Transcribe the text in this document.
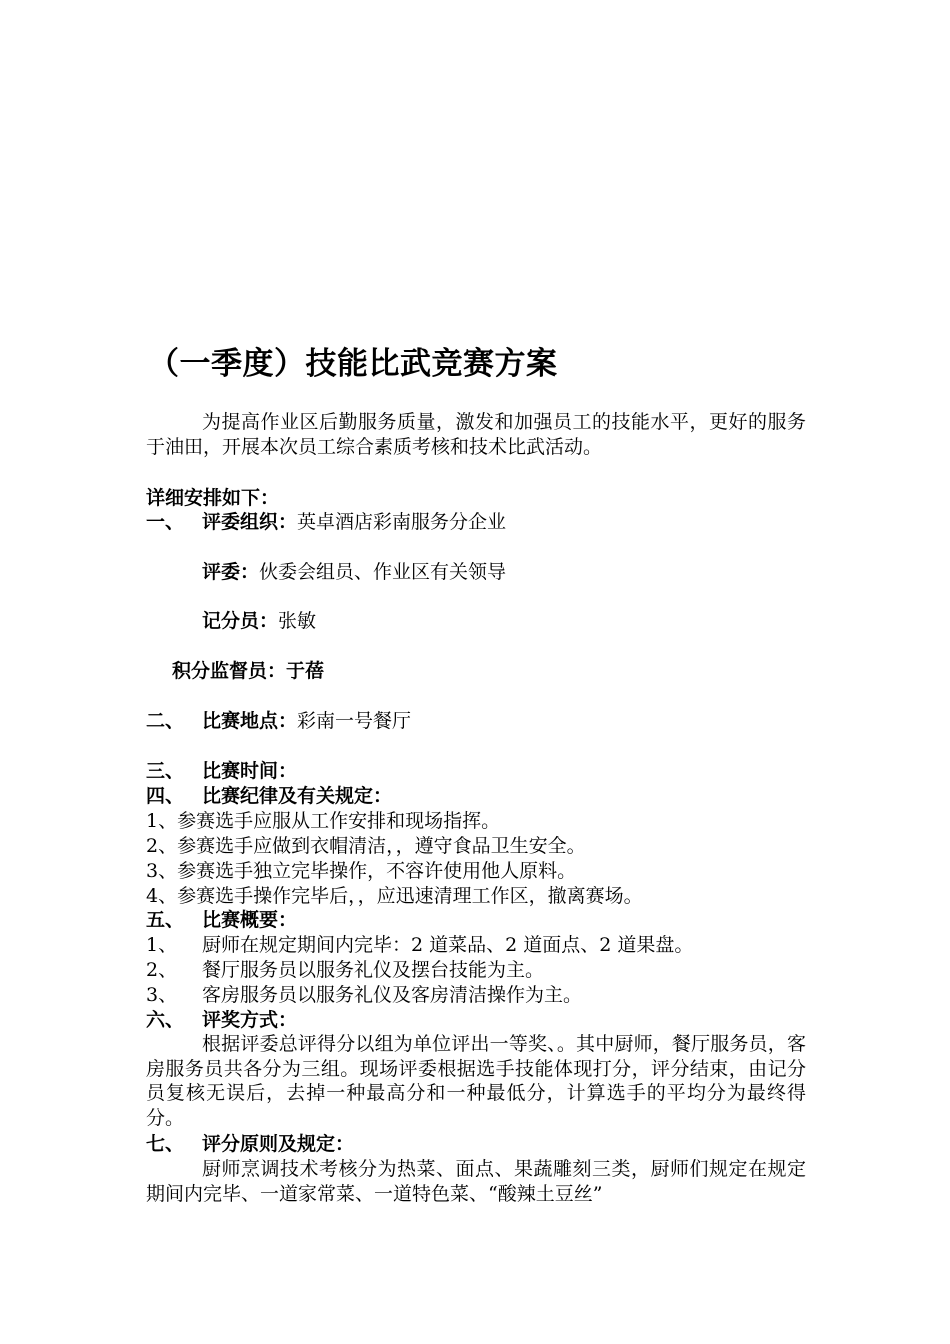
（一季度）技能比武竞赛方案
为提高作业区后勤服务质量，激发和加强员工的技能水平，更好的服务于油田，开展本次员工综合素质考核和技术比武活动。
详细安排如下：
一、 评委组织：英卓酒店彩南服务分企业
评委：伙委会组员、作业区有关领导
记分员：张敏
积分监督员：于蓓
二、 比赛地点：彩南一号餐厅
三、 比赛时间：
四、 比赛纪律及有关规定：
1、参赛选手应服从工作安排和现场指挥。
2、参赛选手应做到衣帽清洁，，遵守食品卫生安全。
3、参赛选手独立完毕操作，不容许使用他人原料。
4、参赛选手操作完毕后，，应迅速清理工作区，撤离赛场。
五、 比赛概要：
1、 厨师在规定期间内完毕：2 道菜品、2 道面点、2 道果盘。
2、 餐厅服务员以服务礼仪及摆台技能为主。
3、 客房服务员以服务礼仪及客房清洁操作为主。
六、 评奖方式：
根据评委总评得分以组为单位评出一等奖、。其中厨师，餐厅服务员，客房服务员共各分为三组。现场评委根据选手技能体现打分，评分结束，由记分员复核无误后，去掉一种最高分和一种最低分，计算选手的平均分为最终得分。
七、 评分原则及规定：
厨师烹调技术考核分为热菜、面点、果蔬雕刻三类，厨师们规定在规定期间内完毕、一道家常菜、一道特色菜、“酸辣土豆丝”
